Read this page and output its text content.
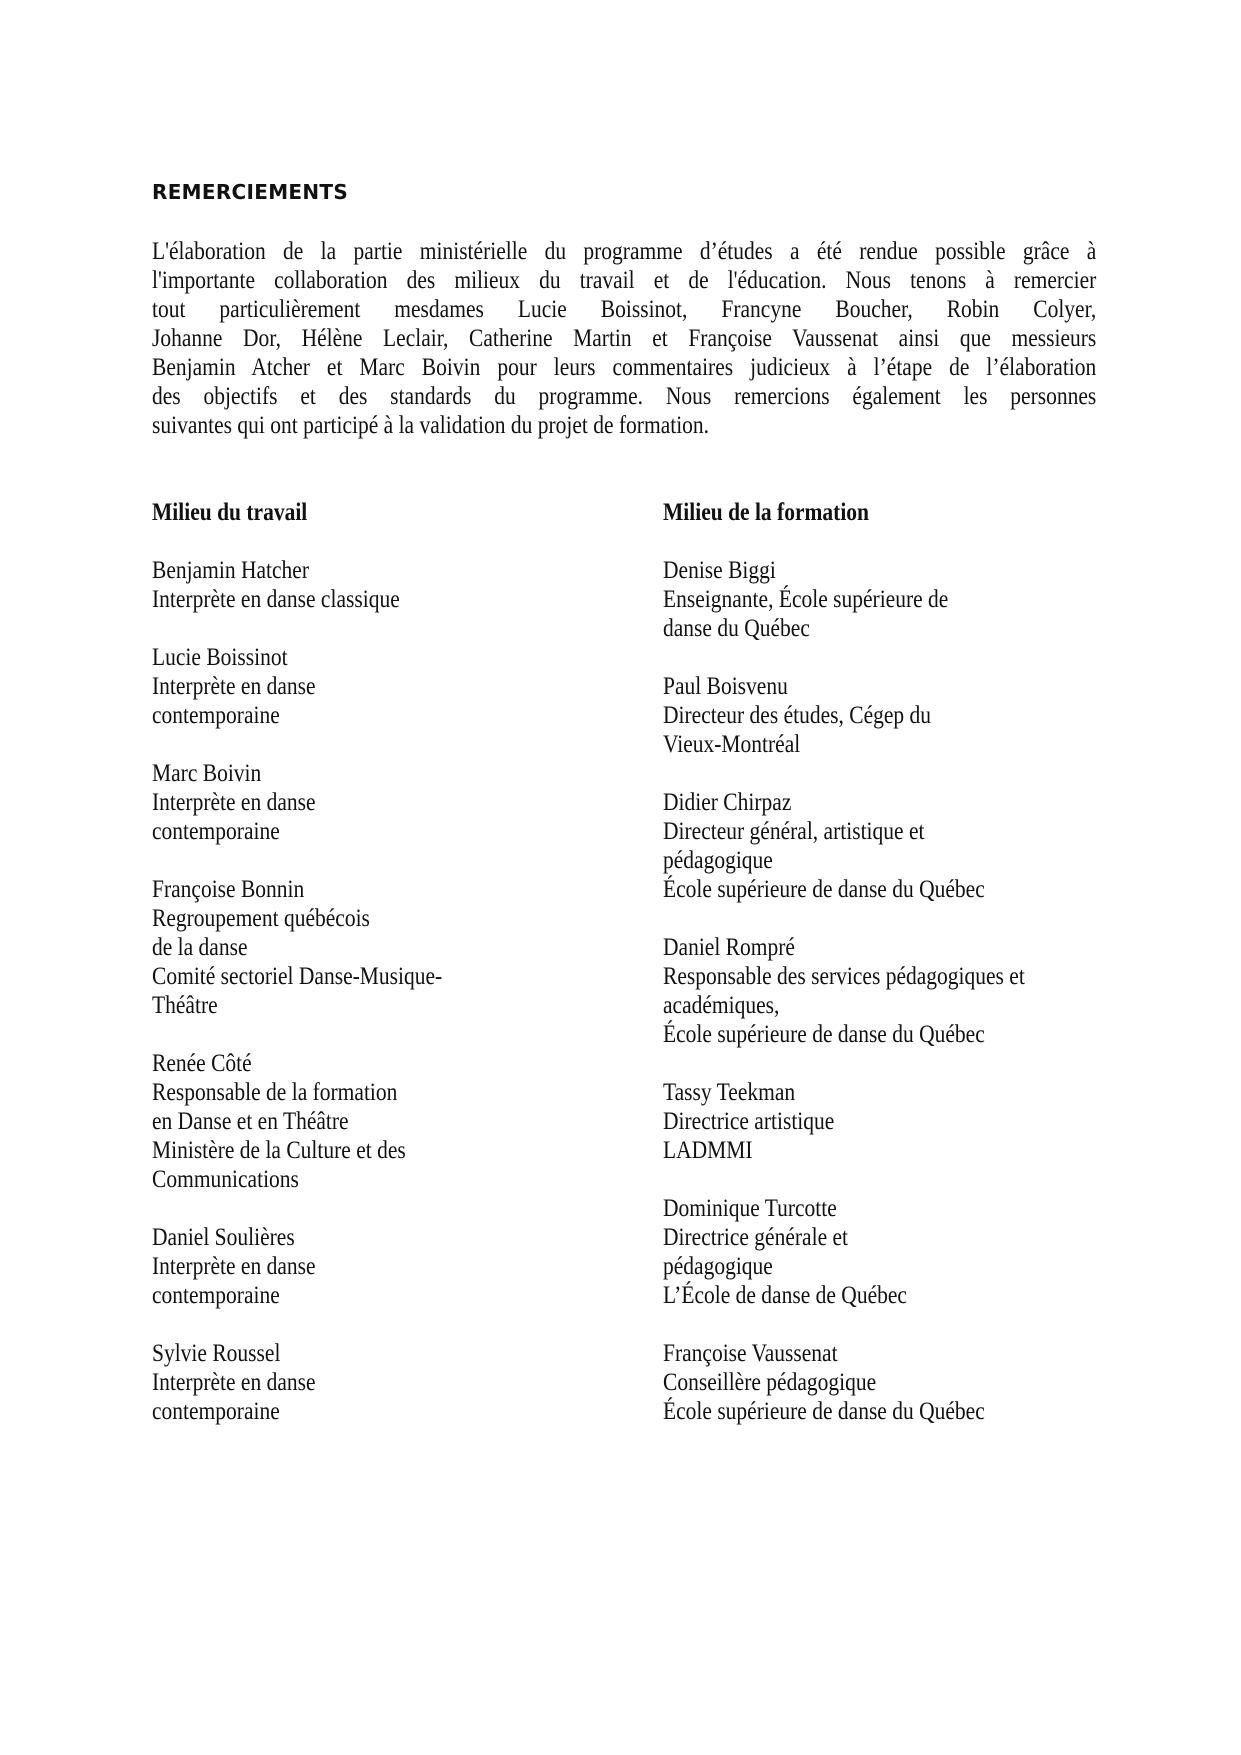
REMERCIEMENTS
L'élaboration de la partie ministérielle du programme d’études a été rendue possible grâce à
l'importante collaboration des milieux du travail et de l'éducation. Nous tenons à remercier
tout particulièrement mesdames Lucie Boissinot, Francyne Boucher, Robin Colyer,
Johanne Dor, Hélène Leclair, Catherine Martin et Françoise Vaussenat ainsi que messieurs
Benjamin Atcher et Marc Boivin pour leurs commentaires judicieux à l’étape de l’élaboration
des objectifs et des standards du programme. Nous remercions également les personnes
suivantes qui ont participé à la validation du projet de formation.
Milieu du travail	Milieu de la formation
Benjamin Hatcher
Interprète en danse classique
Lucie Boissinot
Interprète en danse
contemporaine
Marc Boivin
Interprète en danse
contemporaine
Françoise Bonnin
Regroupement québécois
de la danse
Comité sectoriel Danse-Musique-
Théâtre
Renée Côté
Responsable de la formation
en Danse et en Théâtre
Ministère de la Culture et des
Communications
Daniel Soulières
Interprète en danse
contemporaine
Sylvie Roussel
Interprète en danse
contemporaine
Denise Biggi
Enseignante, École supérieure de
danse du Québec
Paul Boisvenu
Directeur des études, Cégep du
Vieux-Montréal
Didier Chirpaz
Directeur général, artistique et
pédagogique
École supérieure de danse du Québec
Daniel Rompré
Responsable des services pédagogiques et
académiques,
École supérieure de danse du Québec
Tassy Teekman
Directrice artistique
LADMMI
Dominique Turcotte
Directrice générale et
pédagogique
L’École de danse de Québec
Françoise Vaussenat
Conseillère pédagogique
École supérieure de danse du Québec
